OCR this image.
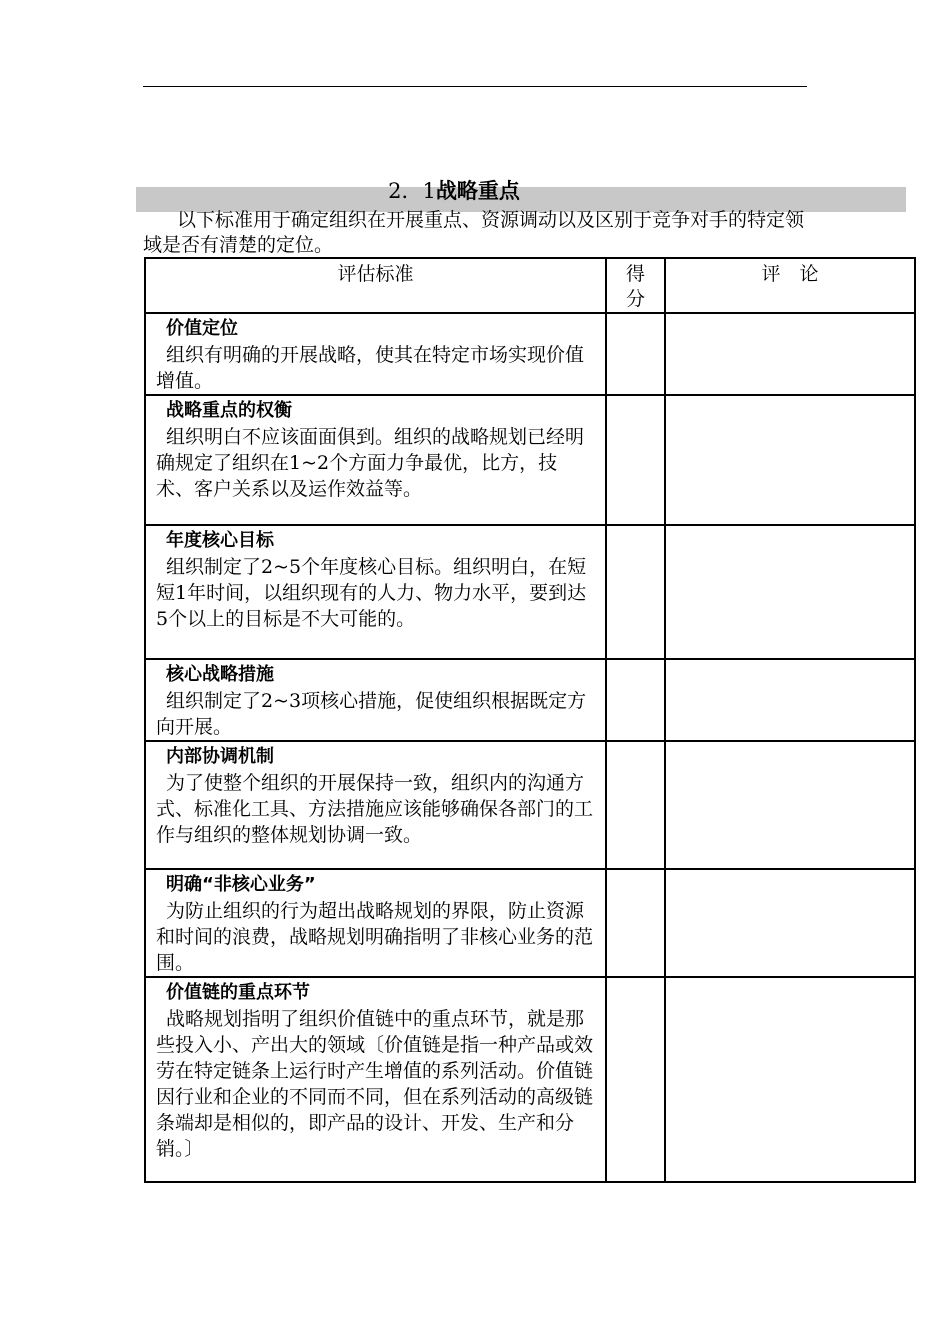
2．1战略重点
以下标准用于确定组织在开展重点、资源调动以及区别于竞争对手的特定领域是否有清楚的定位。
评估标准	得分	评　论

价值定位
组织有明确的开展战略，使其在特定市场实现价值增值。		

战略重点的权衡
组织明白不应该面面俱到。组织的战略规划已经明确规定了组织在1~2个方面力争最优，比方，技术、客户关系以及运作效益等。		

年度核心目标
组织制定了2~5个年度核心目标。组织明白，在短短1年时间，以组织现有的人力、物力水平，要到达5个以上的目标是不大可能的。		

核心战略措施
组织制定了2~3项核心措施，促使组织根据既定方向开展。		

内部协调机制
为了使整个组织的开展保持一致，组织内的沟通方式、标准化工具、方法措施应该能够确保各部门的工作与组织的整体规划协调一致。		

明确“非核心业务”
为防止组织的行为超出战略规划的界限，防止资源和时间的浪费，战略规划明确指明了非核心业务的范围。		

价值链的重点环节
战略规划指明了组织价值链中的重点环节，就是那些投入小、产出大的领域〔价值链是指一种产品或效劳在特定链条上运行时产生增值的系列活动。价值链因行业和企业的不同而不同，但在系列活动的高级链条端却是相似的，即产品的设计、开发、生产和分销。〕		
